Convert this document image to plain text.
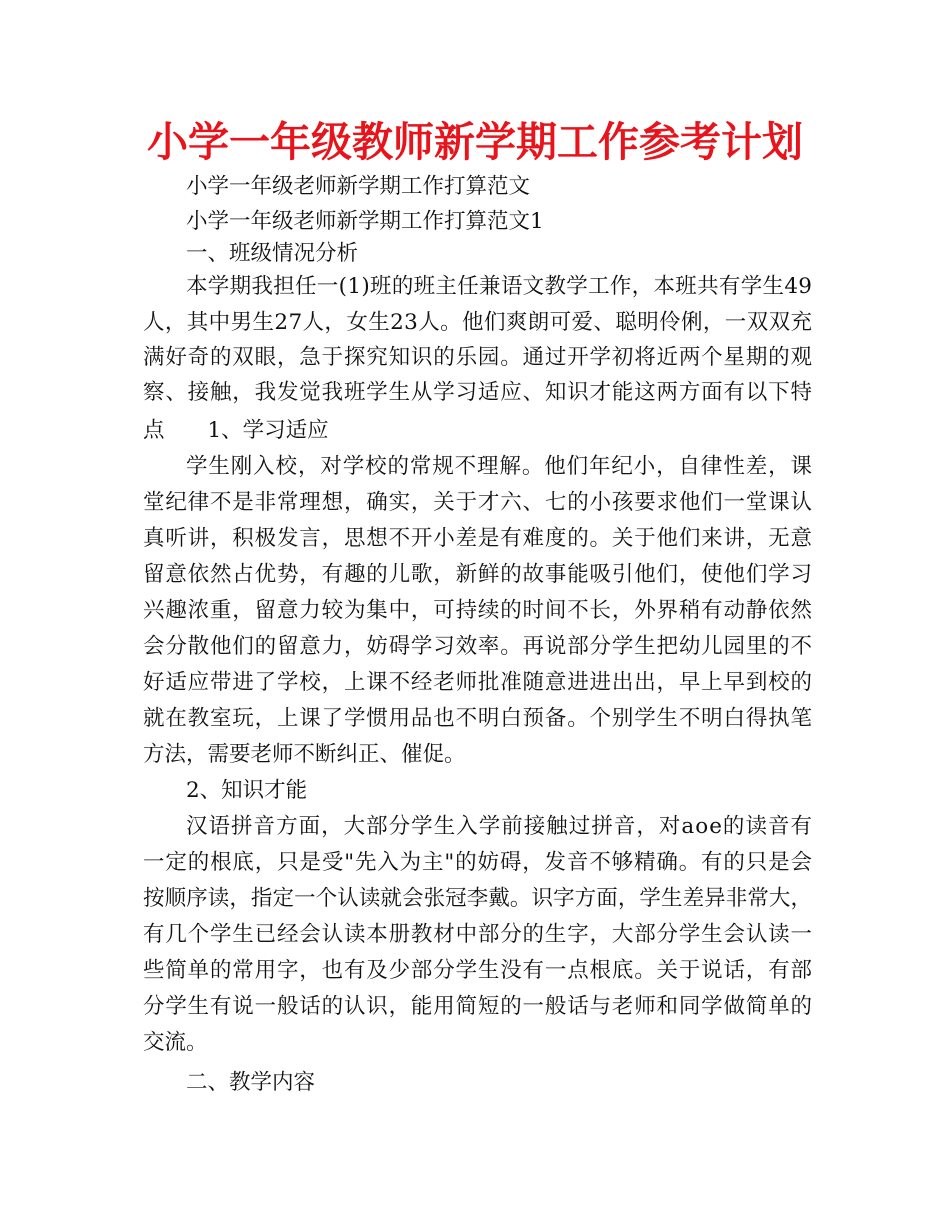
小学一年级教师新学期工作参考计划
小学一年级老师新学期工作打算范文
小学一年级老师新学期工作打算范文1
一、班级情况分析
本学期我担任一(1)班的班主任兼语文教学工作，本班共有学生49
人，其中男生27人，女生23人。他们爽朗可爱、聪明伶俐，一双双充
满好奇的双眼，急于探究知识的乐园。通过开学初将近两个星期的观
察、接触，我发觉我班学生从学习适应、知识才能这两方面有以下特
点　　1、学习适应
学生刚入校，对学校的常规不理解。他们年纪小，自律性差，课
堂纪律不是非常理想，确实，关于才六、七的小孩要求他们一堂课认
真听讲，积极发言，思想不开小差是有难度的。关于他们来讲，无意
留意依然占优势，有趣的儿歌，新鲜的故事能吸引他们，使他们学习
兴趣浓重，留意力较为集中，可持续的时间不长，外界稍有动静依然
会分散他们的留意力，妨碍学习效率。再说部分学生把幼儿园里的不
好适应带进了学校，上课不经老师批准随意进进出出，早上早到校的
就在教室玩，上课了学惯用品也不明白预备。个别学生不明白得执笔
方法，需要老师不断纠正、催促。
2、知识才能
汉语拼音方面，大部分学生入学前接触过拼音，对aoe的读音有
一定的根底，只是受"先入为主"的妨碍，发音不够精确。有的只是会
按顺序读，指定一个认读就会张冠李戴。识字方面，学生差异非常大，
有几个学生已经会认读本册教材中部分的生字，大部分学生会认读一
些简单的常用字，也有及少部分学生没有一点根底。关于说话，有部
分学生有说一般话的认识，能用简短的一般话与老师和同学做简单的
交流。
二、教学内容
